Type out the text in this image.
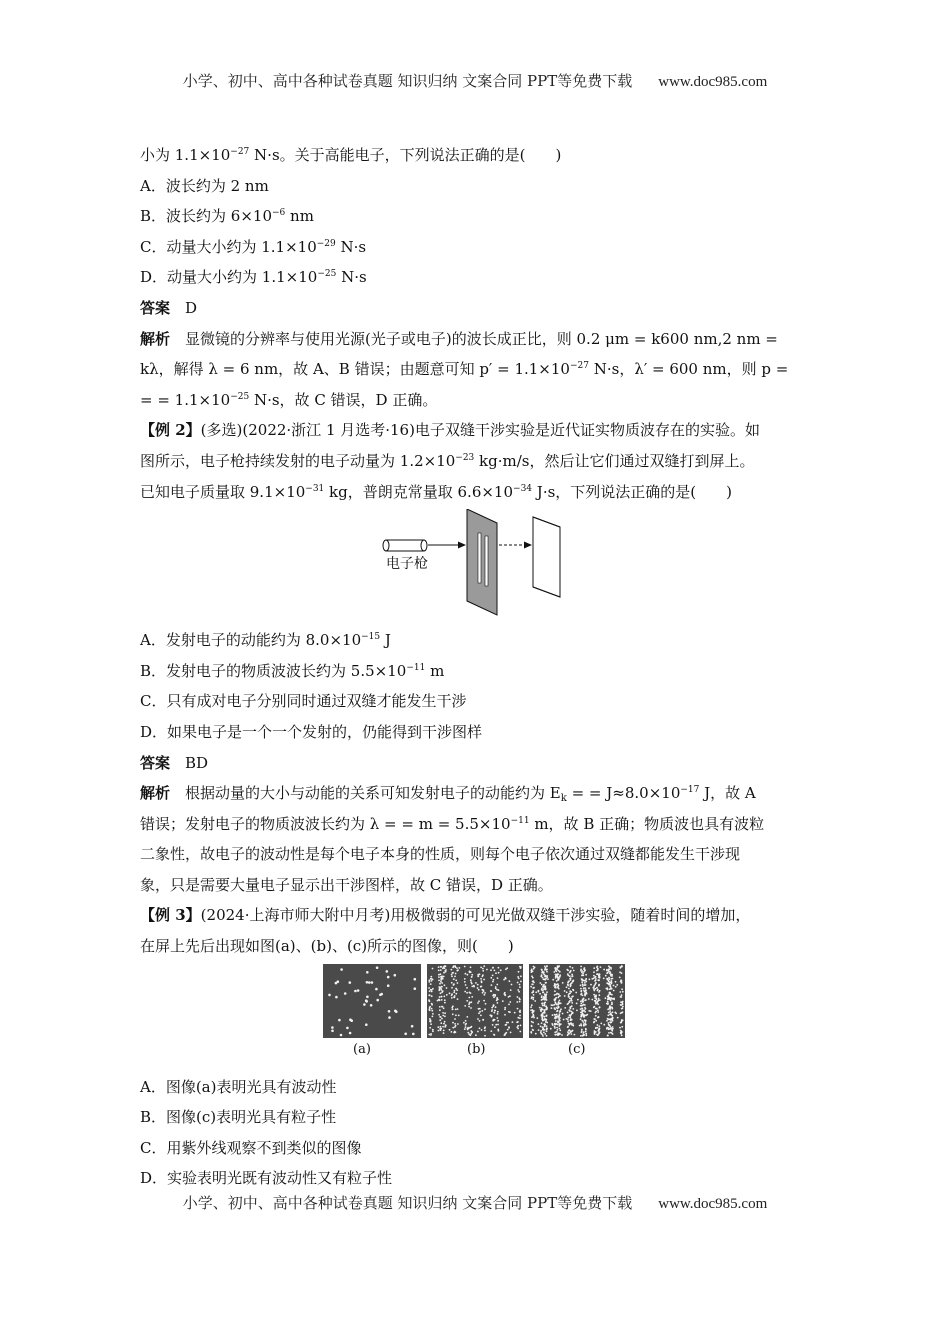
小学、初中、高中各种试卷真题 知识归纳 文案合同 PPT等免费下载 www.doc985.com

小为 $1.1\times 10^{-27}$ N·s。关于高能电子，下列说法正确的是(　　)

A．波长约为 2 nm

B．波长约为 $6\times 10^{-6}$ nm

C．动量大小约为 $1.1\times 10^{-29}$ N·s

D．动量大小约为 $1.1\times 10^{-25}$ N·s

答案　 D

解析　 显微镜的分辨率与使用光源(光子或电子)的波长成正比，则 0.2 μm = k600 nm,2 nm =

kλ，解得 λ = 6 nm，故 A、B 错误；由题意可知 $p' = 1.1\times 10^{-27}$ N·s，λ′ = 600 nm，则 p =

= = $1.1\times 10^{-25}$ N·s，故 C 错误，D 正确。

【例 2】(多选)(2022·浙江 1 月选考·16)电子双缝干涉实验是近代证实物质波存在的实验。如

图所示，电子枪持续发射的电子动量为 $1.2\times 10^{-23}$ kg·m/s，然后让它们通过双缝打到屏上。

已知电子质量取 $9.1\times 10^{-31}$ kg，普朗克常量取 $6.6\times 10^{-34}$ J·s，下列说法正确的是(　　)

电子枪

A．发射电子的动能约为 $8.0\times 10^{-15}$ J

B．发射电子的物质波波长约为 $5.5\times 10^{-11}$ m

C．只有成对电子分别同时通过双缝才能发生干涉

D．如果电子是一个一个发射的，仍能得到干涉图样

答案　 BD

解析　 根据动量的大小与动能的关系可知发射电子的动能约为 $E_k$ = = $J\approx 8.0\times 10^{-17}$ J，故 A

错误；发射电子的物质波波长约为 λ = = $m = 5.5\times 10^{-11}$ m，故 B 正确；物质波也具有波粒

二象性，故电子的波动性是每个电子本身的性质，则每个电子依次通过双缝都能发生干涉现

象，只是需要大量电子显示出干涉图样，故 C 错误，D 正确。

【例 3】(2024·上海市师大附中月考)用极微弱的可见光做双缝干涉实验，随着时间的增加，

在屏上先后出现如图(a)、(b)、(c)所示的图像，则(　　)

(a)	(b)	(c)

A．图像(a)表明光具有波动性

B．图像(c)表明光具有粒子性

C．用紫外线观察不到类似的图像

D．实验表明光既有波动性又有粒子性

小学、初中、高中各种试卷真题 知识归纳 文案合同 PPT等免费下载 www.doc985.com
